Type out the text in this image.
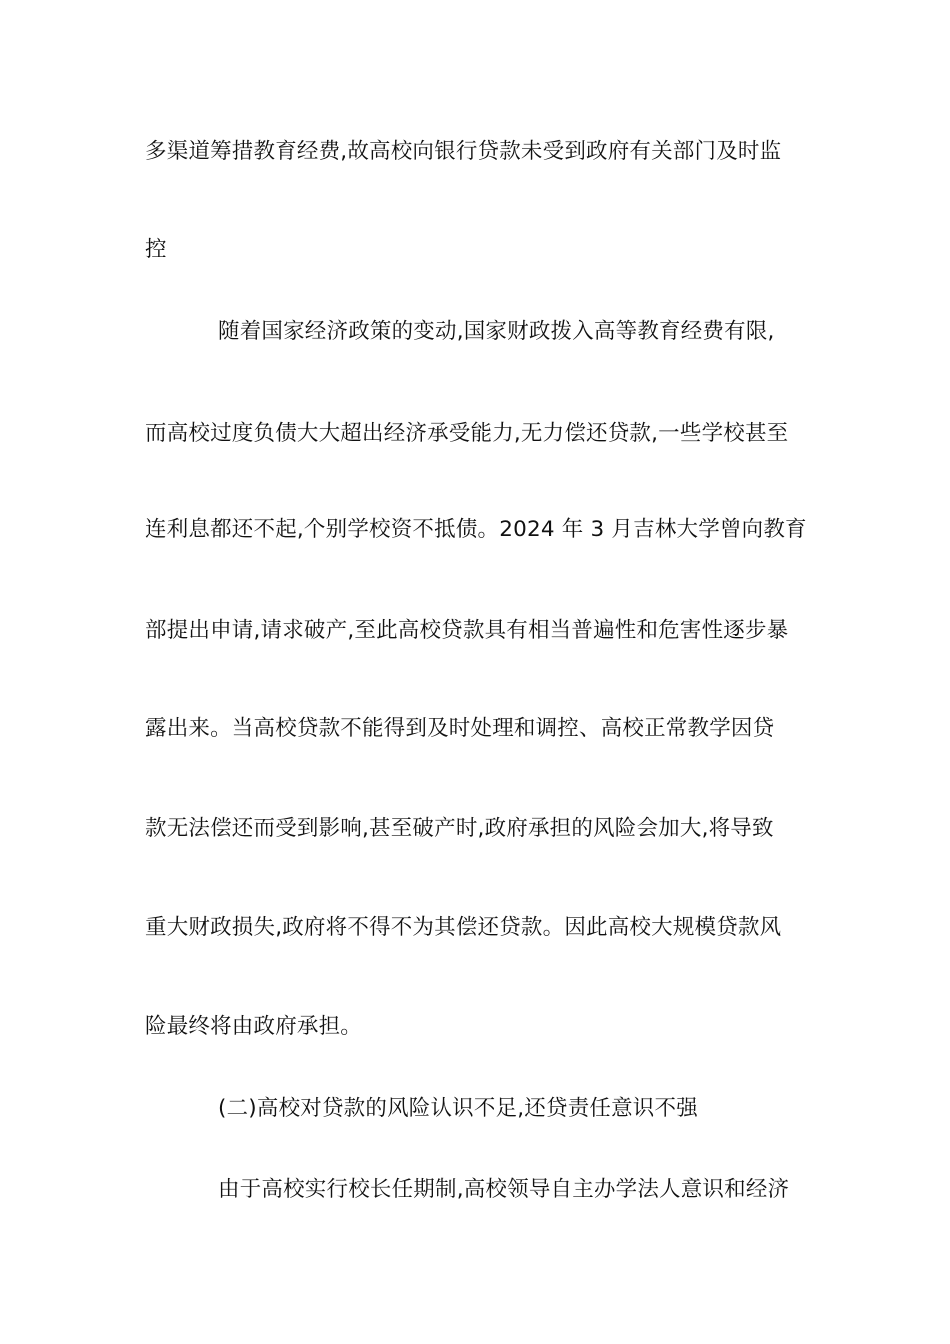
多渠道筹措教育经费,故高校向银行贷款未受到政府有关部门及时监
控
随着国家经济政策的变动,国家财政拨入高等教育经费有限,
而高校过度负债大大超出经济承受能力,无力偿还贷款,一些学校甚至
连利息都还不起,个别学校资不抵债。2024 年 3 月吉林大学曾向教育
部提出申请,请求破产,至此高校贷款具有相当普遍性和危害性逐步暴
露出来。当高校贷款不能得到及时处理和调控、高校正常教学因贷
款无法偿还而受到影响,甚至破产时,政府承担的风险会加大,将导致
重大财政损失,政府将不得不为其偿还贷款。因此高校大规模贷款风
险最终将由政府承担。
(二)高校对贷款的风险认识不足,还贷责任意识不强
由于高校实行校长任期制,高校领导自主办学法人意识和经济
